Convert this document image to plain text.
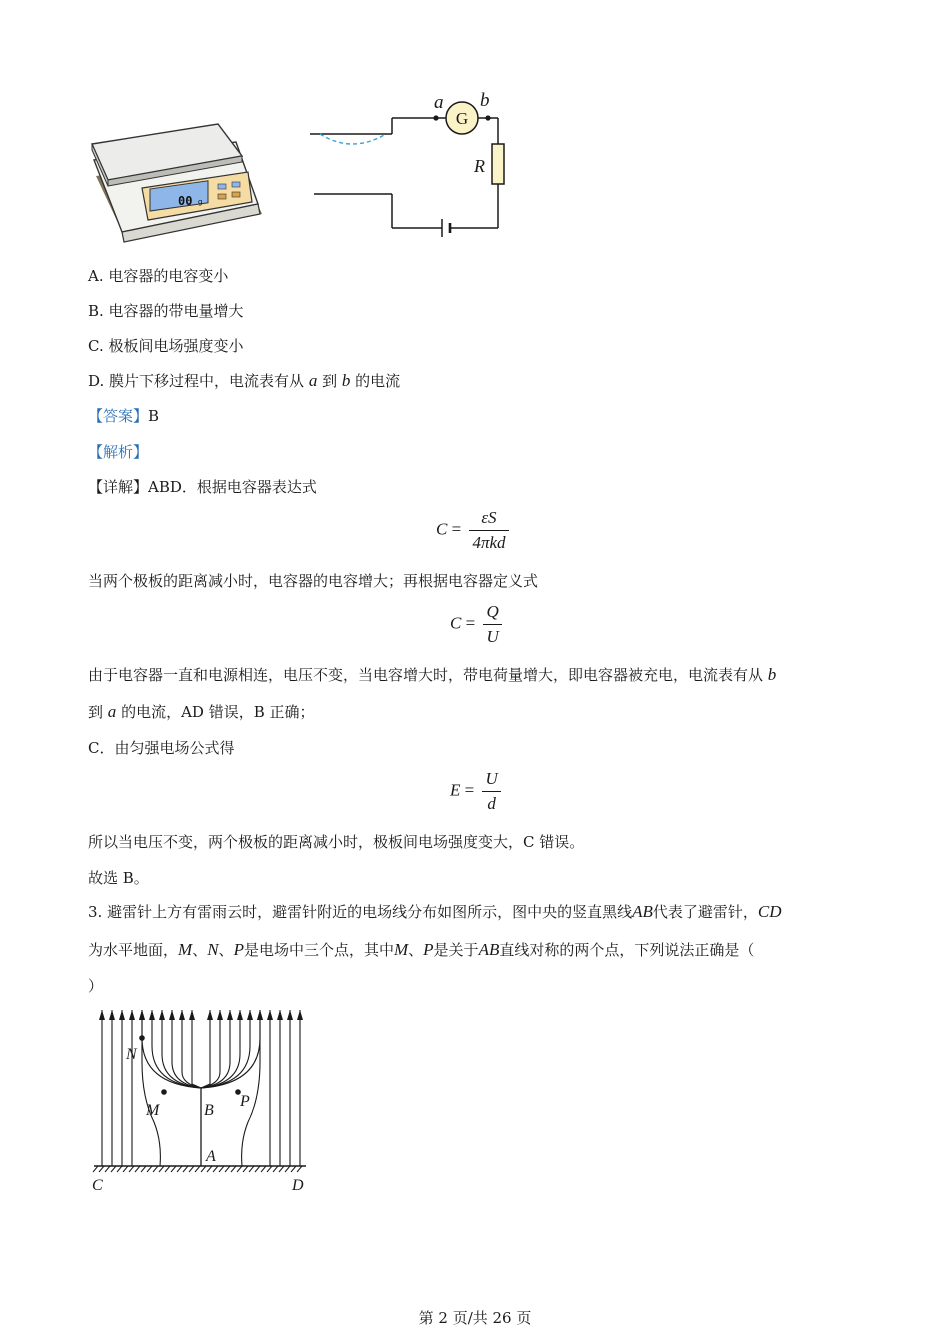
00 g
G
R
a b
A. 电容器的电容变小
B. 电容器的带电量增大
C. 极板间电场强度变小
D. 膜片下移过程中，电流表有从 a 到 b 的电流
【答案】B
【解析】
【详解】ABD．根据电容器表达式
$C = \frac{\varepsilon S}{\text{4πkd}}$
当两个极板的距离减小时，电容器的电容增大；再根据电容器定义式
$C = \frac{Q}{U}$
由于电容器一直和电源相连，电压不变，当电容增大时，带电荷量增大，即电容器被充电，电流表有从 b
到 a 的电流，AD 错误，B 正确；
C．由匀强电场公式得
$E = \frac{U}{d}$
所以当电压不变，两个极板的距离减小时，极板间电场强度变大，C 错误。
故选 B。
3. 避雷针上方有雷雨云时，避雷针附近的电场线分布如图所示，图中央的竖直黑线AB代表了避雷针，CD
为水平地面，M、N、P是电场中三个点，其中M、P是关于AB直线对称的两个点，下列说法正确是（
）
N
M	B
P
A
C	D
第 2 页/共 26 页
